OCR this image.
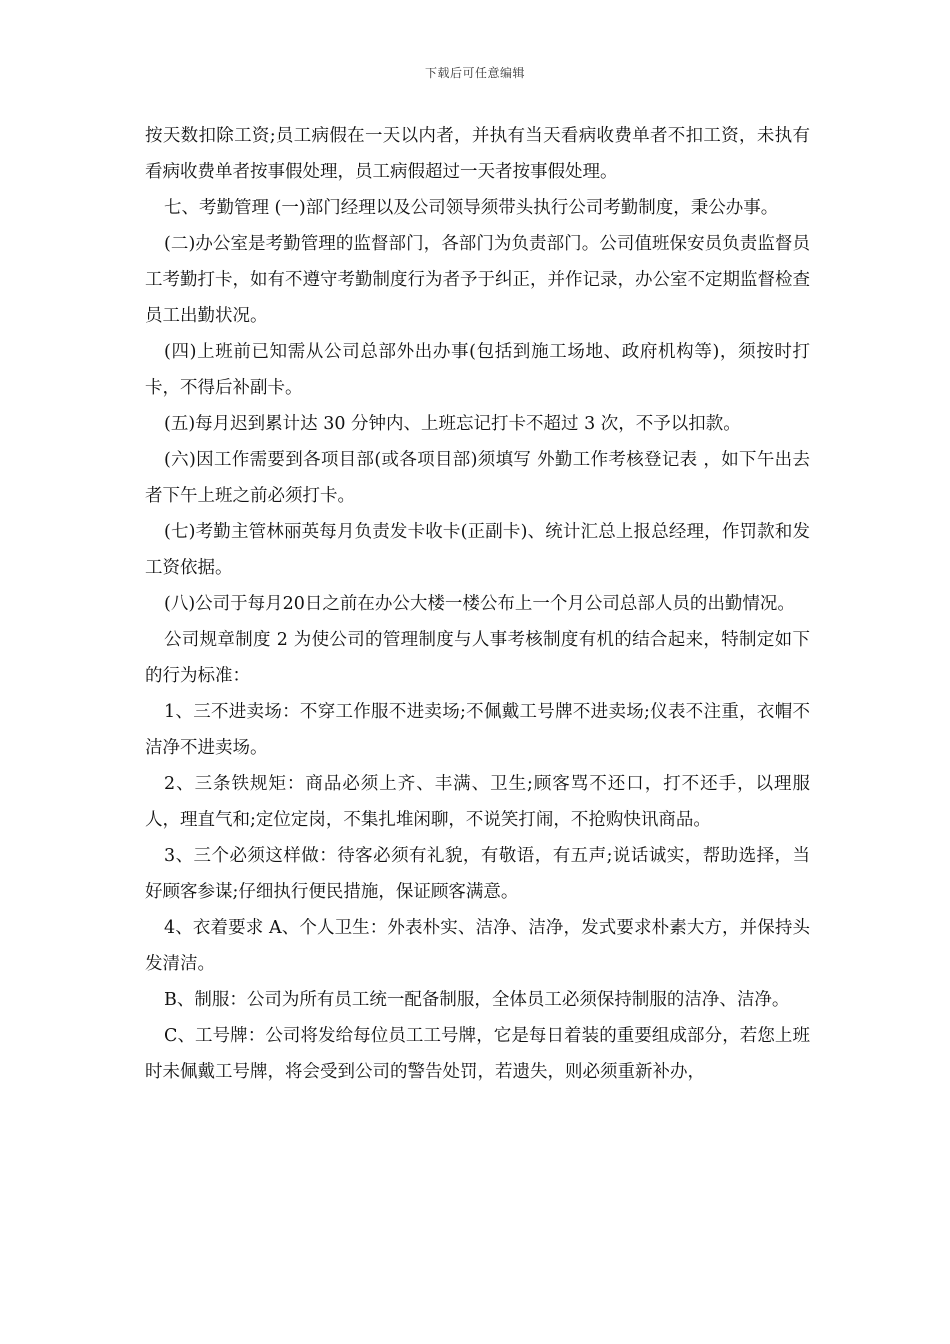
下载后可任意编辑

按天数扣除工资;员工病假在一天以内者，并执有当天看病收费单者不扣工资，未执有看病收费单者按事假处理，员工病假超过一天者按事假处理。

七、考勤管理 (一)部门经理以及公司领导须带头执行公司考勤制度，秉公办事。

(二)办公室是考勤管理的监督部门，各部门为负责部门。公司值班保安员负责监督员工考勤打卡，如有不遵守考勤制度行为者予于纠正，并作记录，办公室不定期监督检查员工出勤状况。

(四)上班前已知需从公司总部外出办事(包括到施工场地、政府机构等)，须按时打卡，不得后补副卡。

(五)每月迟到累计达 30 分钟内、上班忘记打卡不超过 3 次，不予以扣款。

(六)因工作需要到各项目部(或各项目部)须填写 外勤工作考核登记表 ，如下午出去者下午上班之前必须打卡。

(七)考勤主管林丽英每月负责发卡收卡(正副卡)、统计汇总上报总经理，作罚款和发工资依据。

(八)公司于每月20日之前在办公大楼一楼公布上一个月公司总部人员的出勤情况。

公司规章制度 2 为使公司的管理制度与人事考核制度有机的结合起来，特制定如下的行为标准：

1、三不进卖场：不穿工作服不进卖场;不佩戴工号牌不进卖场;仪表不注重，衣帽不洁净不进卖场。

2、三条铁规矩：商品必须上齐、丰满、卫生;顾客骂不还口，打不还手，以理服人，理直气和;定位定岗，不集扎堆闲聊，不说笑打闹，不抢购快讯商品。

3、三个必须这样做：待客必须有礼貌，有敬语，有五声;说话诚实，帮助选择，当好顾客参谋;仔细执行便民措施，保证顾客满意。

4、衣着要求 A、个人卫生：外表朴实、洁净、洁净，发式要求朴素大方，并保持头发清洁。

B、制服：公司为所有员工统一配备制服，全体员工必须保持制服的洁净、洁净。

C、工号牌：公司将发给每位员工工号牌，它是每日着装的重要组成部分，若您上班时未佩戴工号牌，将会受到公司的警告处罚，若遗失，则必须重新补办，
